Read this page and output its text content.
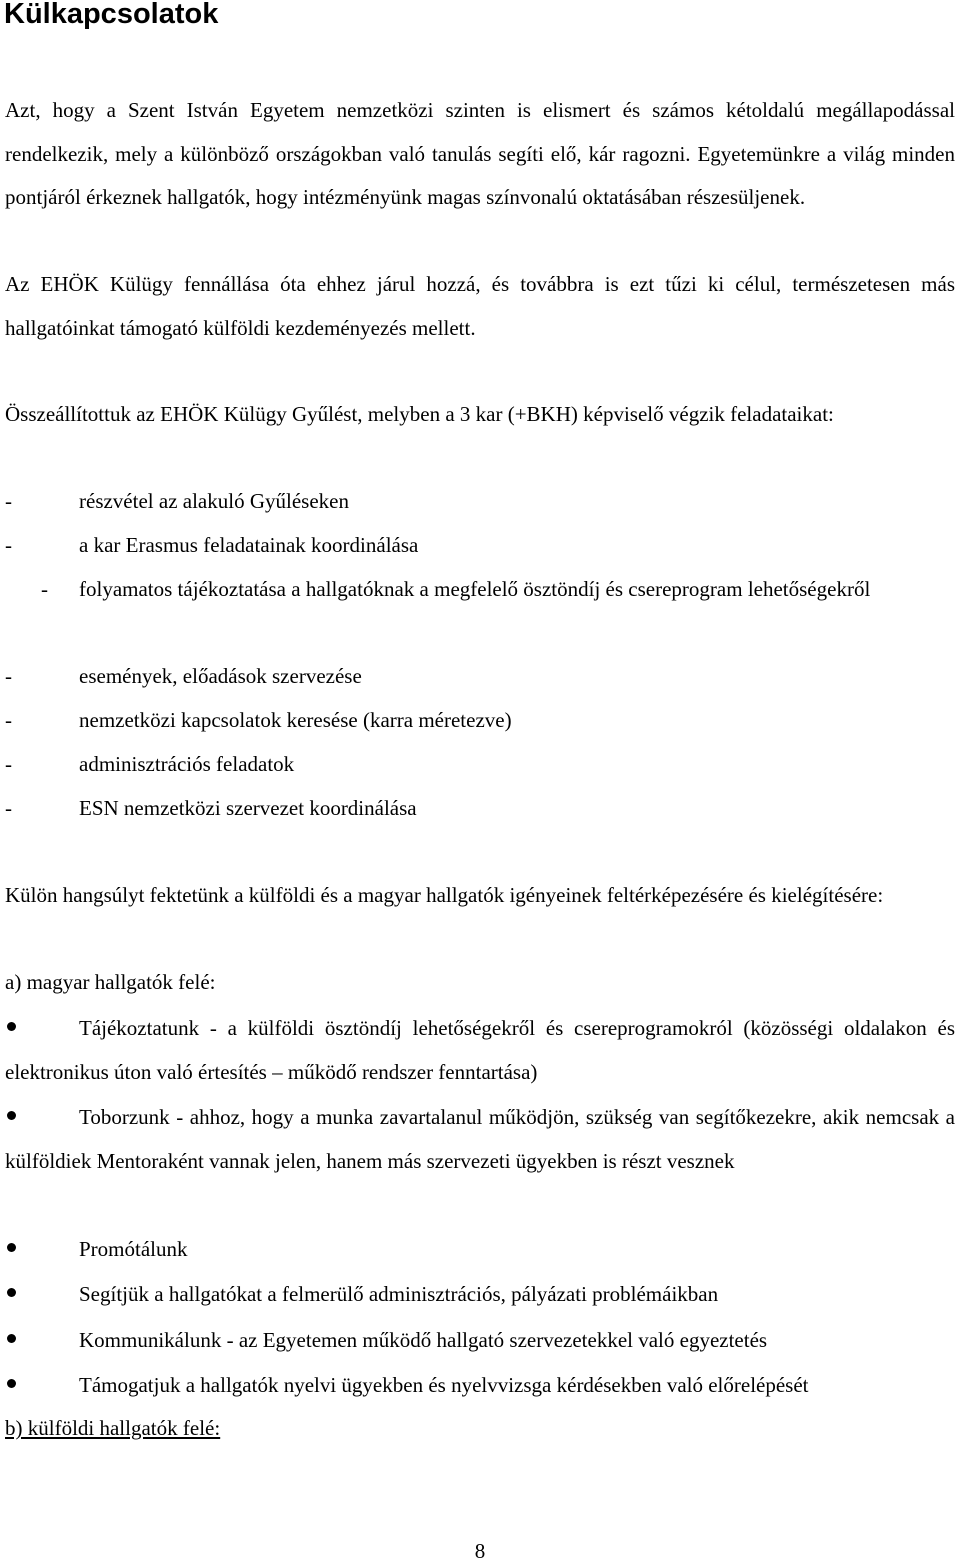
Külkapcsolatok

Azt, hogy a Szent István Egyetem nemzetközi szinten is elismert és számos kétoldalú megállapodással rendelkezik, mely a különböző országokban való tanulás segíti elő, kár ragozni. Egyetemünkre a világ minden pontjáról érkeznek hallgatók, hogy intézményünk magas színvonalú oktatásában részesüljenek.

Az EHÖK Külügy fennállása óta ehhez járul hozzá, és továbbra is ezt tűzi ki célul, természetesen más hallgatóinkat támogató külföldi kezdeményezés mellett.

Összeállítottuk az EHÖK Külügy Gyűlést, melyben a 3 kar (+BKH) képviselő végzik feladataikat:

-	részvétel az alakuló Gyűléseken
-	a kar Erasmus feladatainak koordinálása
- folyamatos tájékoztatása a hallgatóknak a megfelelő ösztöndíj és csereprogram lehetőségekről
-	események, előadások szervezése
-	nemzetközi kapcsolatok keresése (karra méretezve)
-	adminisztrációs feladatok
-	ESN nemzetközi szervezet koordinálása

Külön hangsúlyt fektetünk a külföldi és a magyar hallgatók igényeinek feltérképezésére és kielégítésére:

a) magyar hallgatók felé:

Tájékoztatunk - a külföldi ösztöndíj lehetőségekről és csereprogramokról (közösségi oldalakon és elektronikus úton való értesítés – működő rendszer fenntartása)
Toborzunk - ahhoz, hogy a munka zavartalanul működjön, szükség van segítőkezekre, akik nemcsak a külföldiek Mentoraként vannak jelen, hanem más szervezeti ügyekben is részt vesznek
Promótálunk
Segítjük a hallgatókat a felmerülő adminisztrációs, pályázati problémáikban
Kommunikálunk - az Egyetemen működő hallgató szervezetekkel való egyeztetés
Támogatjuk a hallgatók nyelvi ügyekben és nyelvvizsga kérdésekben való előrelépését

b) külföldi hallgatók felé:

8
